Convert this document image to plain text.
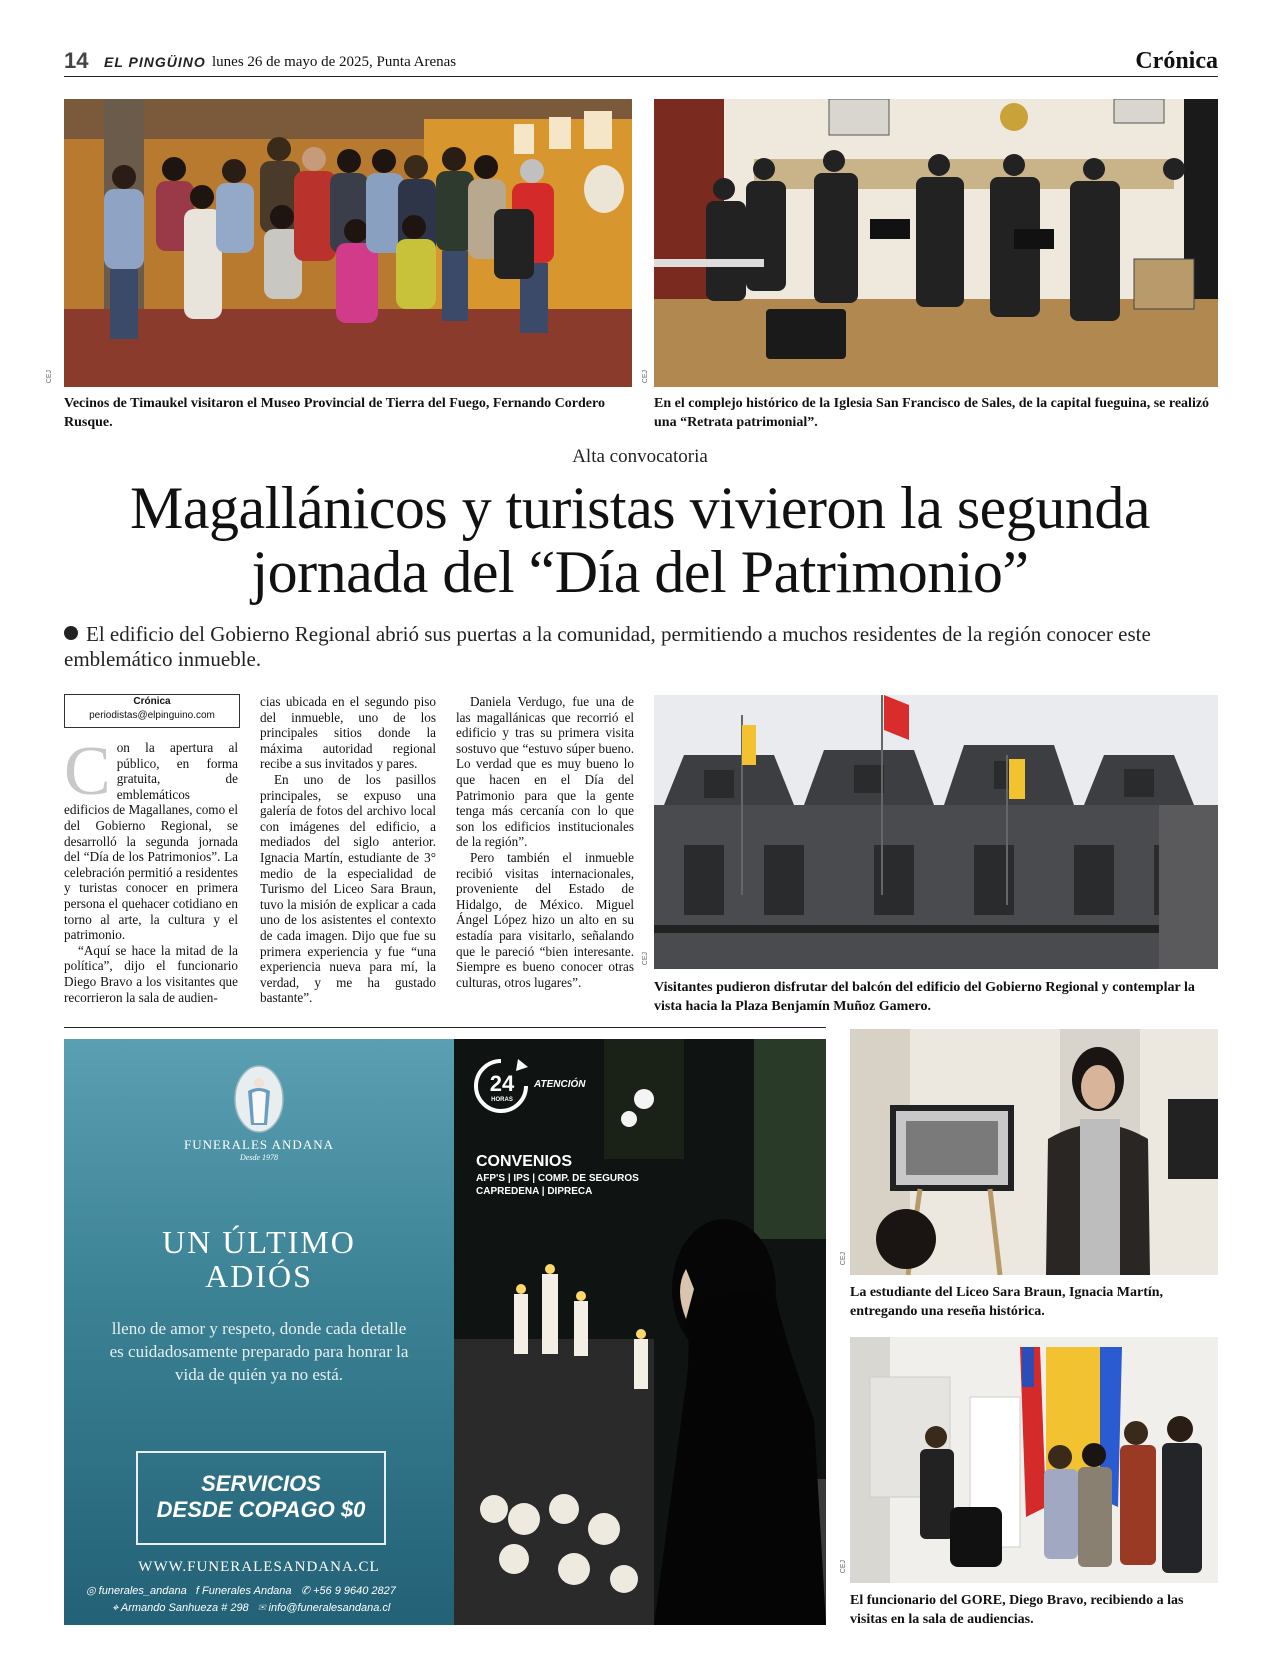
14 EL PINGÜINO lunes 26 de mayo de 2025, Punta Arenas	Crónica
CEJ
Vecinos de Timaukel visitaron el Museo Provincial de Tierra del Fuego, Fernando Cordero Rusque.
CEJ
En el complejo histórico de la Iglesia San Francisco de Sales, de la capital fueguina, se realizó una “Retrata patrimonial”.
Alta convocatoria
Magallánicos y turistas vivieron la segunda jornada del “Día del Patrimonio”
El edificio del Gobierno Regional abrió sus puertas a la comunidad, permitiendo a muchos residentes de la región conocer este emblemático inmueble.
Crónica
periodistas@elpinguino.com

Con la apertura al público, en forma gratuita, de emblemáticos edificios de Magallanes, como el del Gobierno Regional, se desarrolló la segunda jornada del “Día de los Patrimonios”. La celebración permitió a residentes y turistas conocer en primera persona el quehacer cotidiano en torno al arte, la cultura y el patrimonio.

“Aquí se hace la mitad de la política”, dijo el funcionario Diego Bravo a los visitantes que recorrieron la sala de audien-

cias ubicada en el segundo piso del inmueble, uno de los principales sitios donde la máxima autoridad regional recibe a sus invitados y pares.

En uno de los pasillos principales, se expuso una galería de fotos del archivo local con imágenes del edificio, a mediados del siglo anterior. Ignacia Martín, estudiante de 3° medio de la especialidad de Turismo del Liceo Sara Braun, tuvo la misión de explicar a cada uno de los asistentes el contexto de cada imagen. Dijo que fue su primera experiencia y fue “una experiencia nueva para mí, la verdad, y me ha gustado bastante”.

Daniela Verdugo, fue una de las magallánicas que recorrió el edificio y tras su primera visita sostuvo que “estuvo súper bueno. Lo verdad que es muy bueno lo que hacen en el Día del Patrimonio para que la gente tenga más cercanía con lo que son los edificios institucionales de la región”.

Pero también el inmueble recibió visitas internacionales, proveniente del Estado de Hidalgo, de México. Miguel Ángel López hizo un alto en su estadía para visitarlo, señalando que le pareció “bien interesante. Siempre es bueno conocer otras culturas, otros lugares”.

CEJ
Visitantes pudieron disfrutar del balcón del edificio del Gobierno Regional y contemplar la vista hacia la Plaza Benjamín Muñoz Gamero.
FUNERALES ANDANA
Desde 1978
UN ÚLTIMO
ADIÓS
lleno de amor y respeto, donde cada detalle es cuidadosamente preparado para honrar la vida de quién ya no está.
SERVICIOS
DESDE COPAGO $0
WWW.FUNERALESANDANA.CL
◎ funerales_andana f Funerales Andana ✆ +56 9 9640 2827
⌖ Armando Sanhueza # 298 ✉ info@funeralesandana.cl
24
HORAS
ATENCIÓN
CONVENIOS
AFP'S | IPS | COMP. DE SEGUROS
CAPREDENA | DIPRECA
CEJ
La estudiante del Liceo Sara Braun, Ignacia Martín, entregando una reseña histórica.
CEJ
El funcionario del GORE, Diego Bravo, recibiendo a las visitas en la sala de audiencias.
